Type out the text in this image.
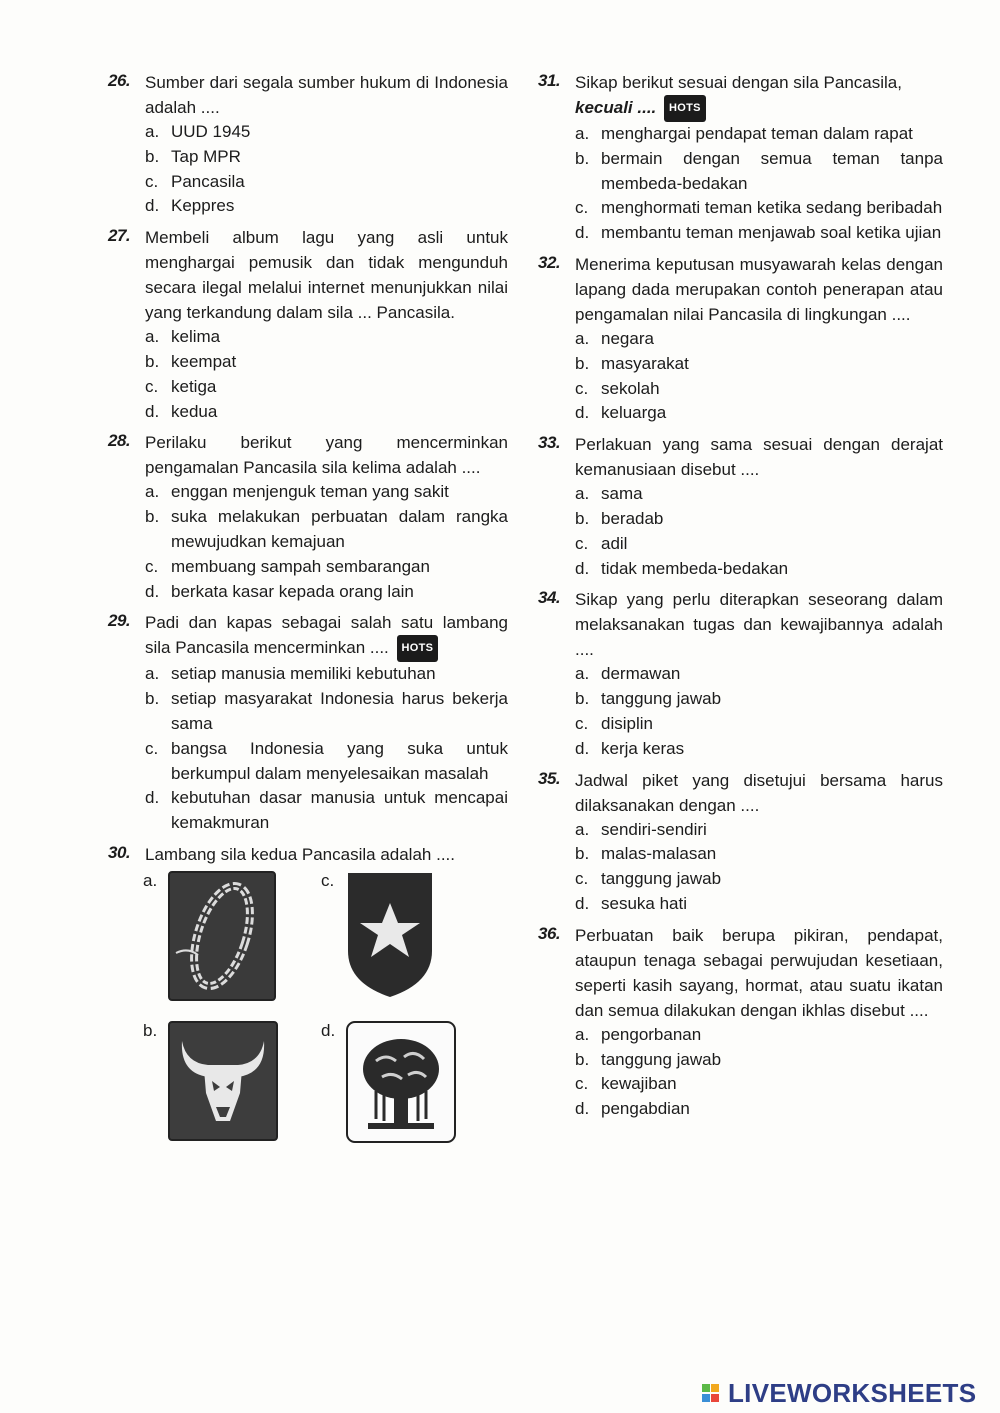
26. Sumber dari segala sumber hukum di Indonesia adalah ....
a. UUD 1945
b. Tap MPR
c. Pancasila
d. Keppres
27. Membeli album lagu yang asli untuk menghargai pemusik dan tidak mengunduh secara ilegal melalui internet menunjukkan nilai yang terkandung dalam sila ... Pancasila.
a. kelima
b. keempat
c. ketiga
d. kedua
28. Perilaku berikut yang mencerminkan pengamalan Pancasila sila kelima adalah ....
a. enggan menjenguk teman yang sakit
b. suka melakukan perbuatan dalam rangka mewujudkan kemajuan
c. membuang sampah sembarangan
d. berkata kasar kepada orang lain
29. Padi dan kapas sebagai salah satu lambang sila Pancasila mencerminkan .... HOTS
a. setiap manusia memiliki kebutuhan
b. setiap masyarakat Indonesia harus bekerja sama
c. bangsa Indonesia yang suka untuk berkumpul dalam menyelesaikan masalah
d. kebutuhan dasar manusia untuk mencapai kemakmuran
30. Lambang sila kedua Pancasila adalah ....
a.
b.
c.
d.
31. Sikap berikut sesuai dengan sila Pancasila,
kecuali .... HOTS
a. menghargai pendapat teman dalam rapat
b. bermain dengan semua teman tanpa membeda-bedakan
c. menghormati teman ketika sedang beribadah
d. membantu teman menjawab soal ketika ujian
32. Menerima keputusan musyawarah kelas dengan lapang dada merupakan contoh penerapan atau pengamalan nilai Pancasila di lingkungan ....
a. negara
b. masyarakat
c. sekolah
d. keluarga
33. Perlakuan yang sama sesuai dengan derajat kemanusiaan disebut ....
a. sama
b. beradab
c. adil
d. tidak membeda-bedakan
34. Sikap yang perlu diterapkan seseorang dalam melaksanakan tugas dan kewajibannya adalah ....
a. dermawan
b. tanggung jawab
c. disiplin
d. kerja keras
35. Jadwal piket yang disetujui bersama harus dilaksanakan dengan ....
a. sendiri-sendiri
b. malas-malasan
c. tanggung jawab
d. sesuka hati
36. Perbuatan baik berupa pikiran, pendapat, ataupun tenaga sebagai perwujudan kesetiaan, seperti kasih sayang, hormat, atau suatu ikatan dan semua dilakukan dengan ikhlas disebut ....
a. pengorbanan
b. tanggung jawab
c. kewajiban
d. pengabdian
LIVEWORKSHEETS
